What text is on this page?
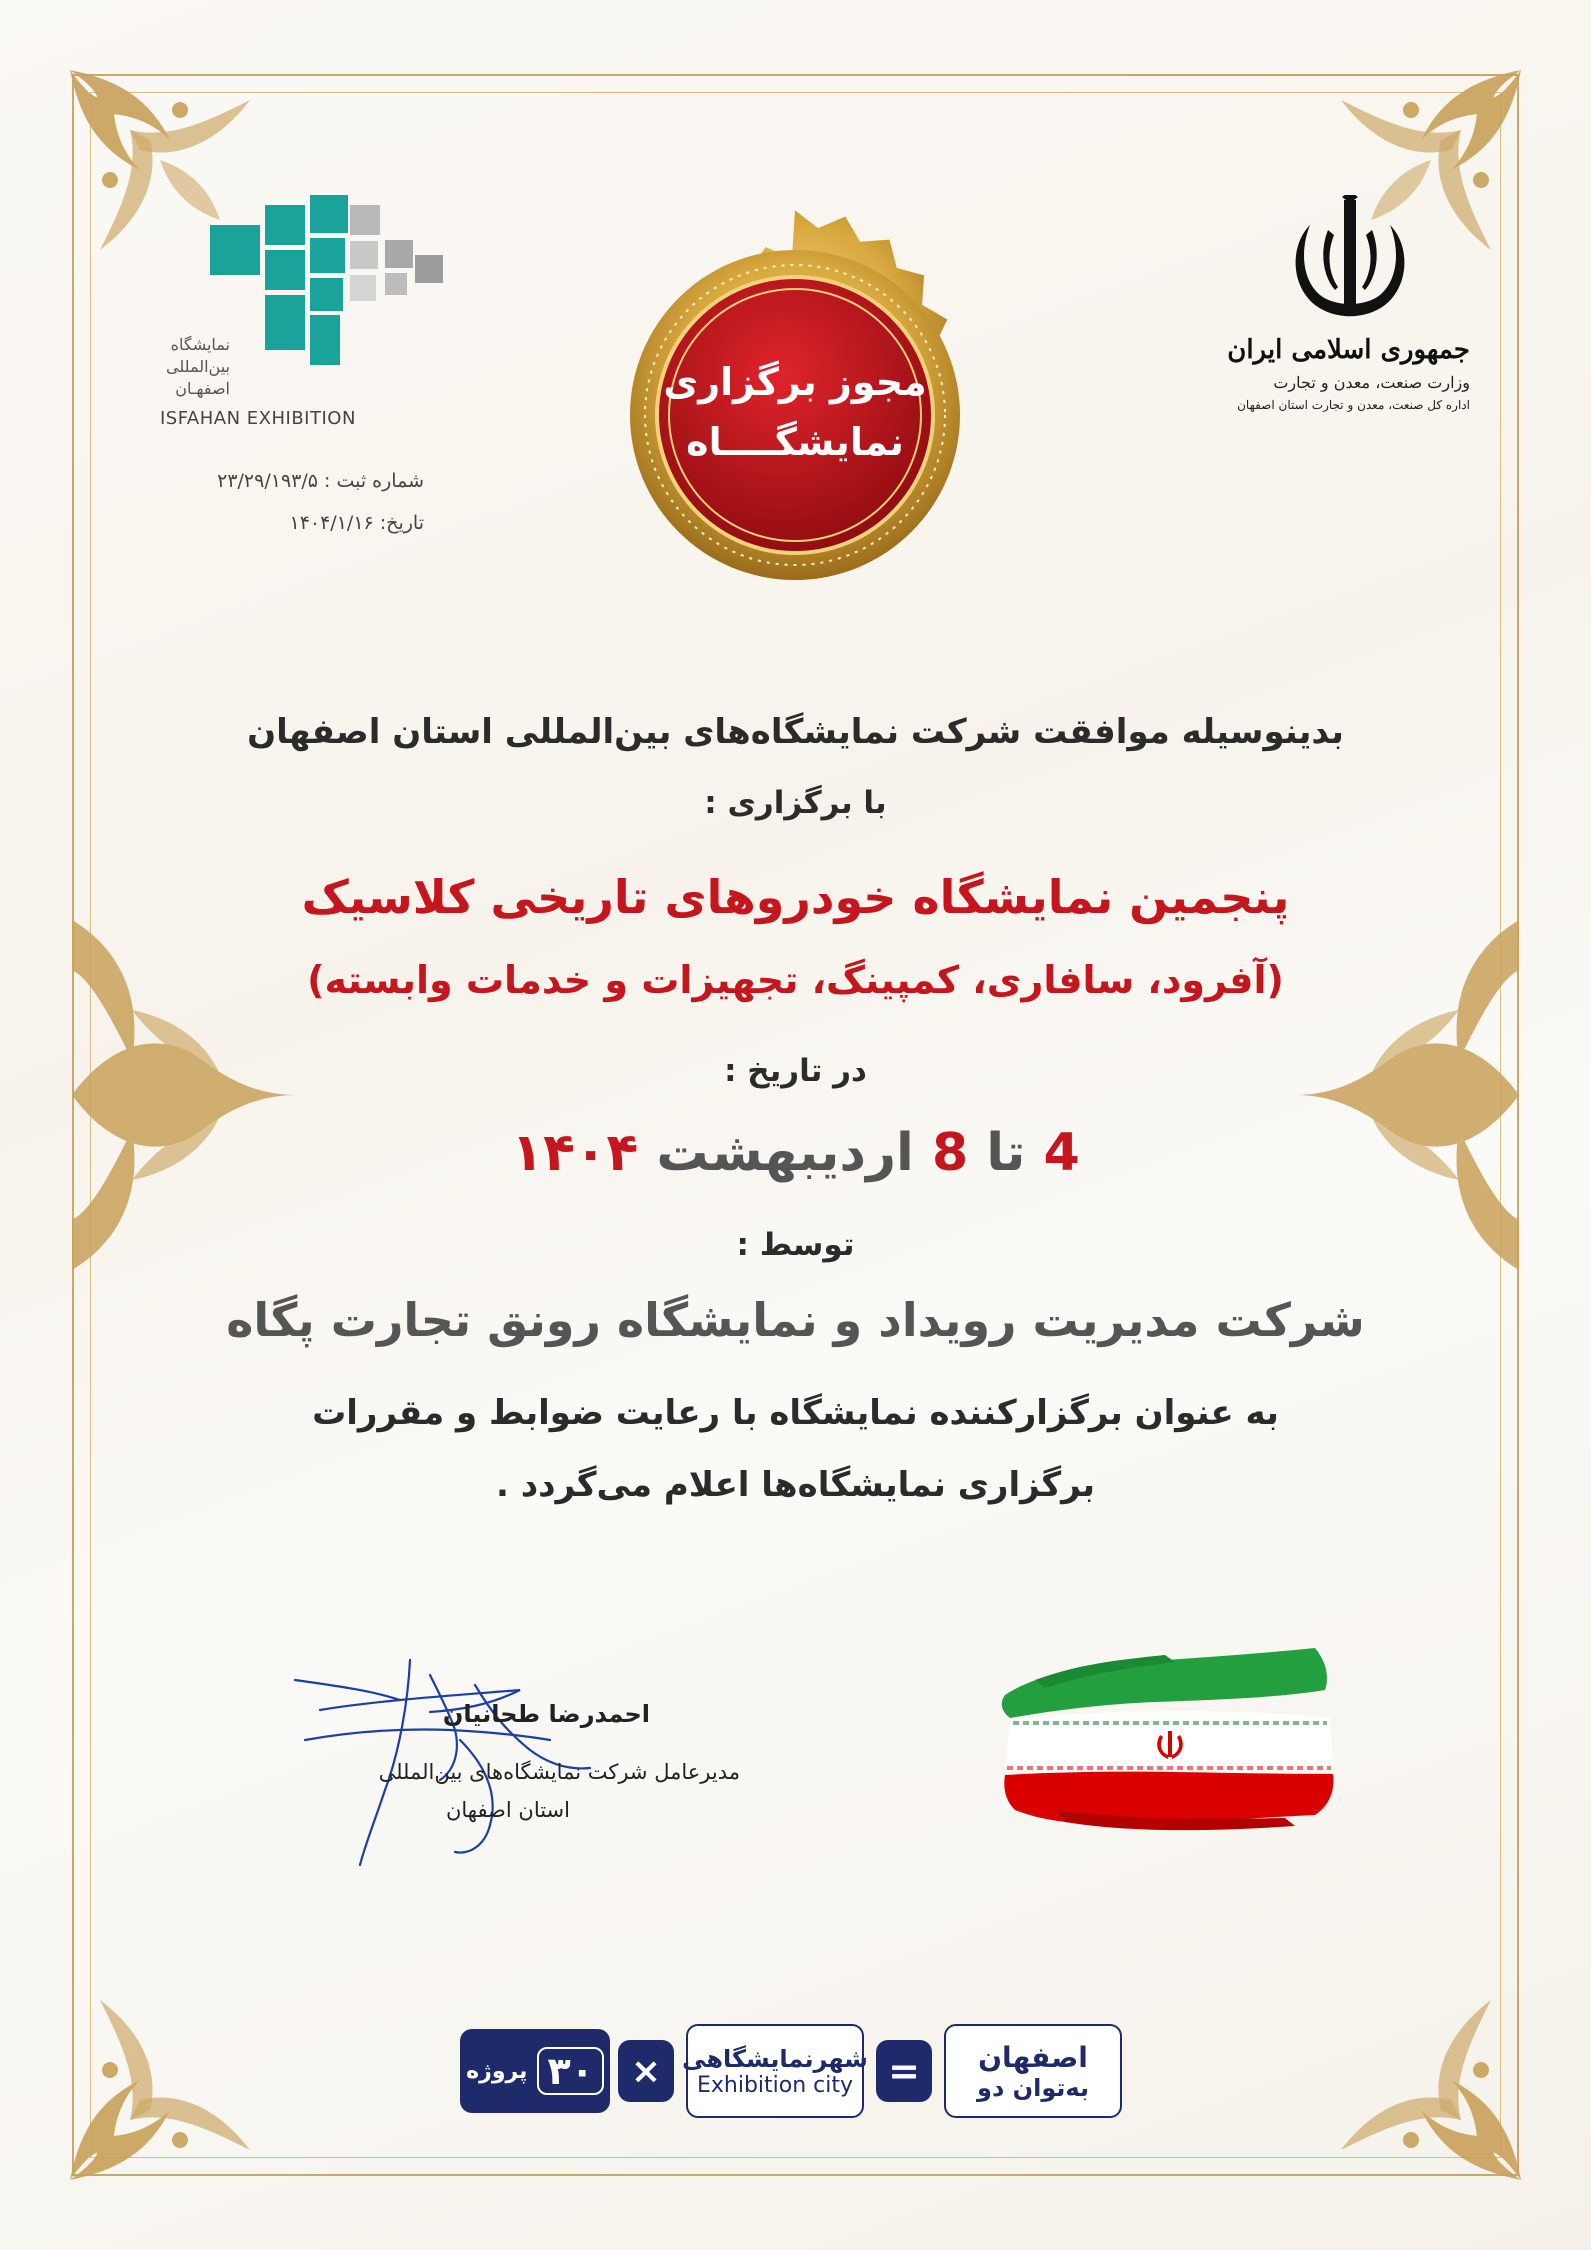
نمایشگاه
بین‌المللی
اصفهـان
ISFAHAN EXHIBITION
شماره ثبت : ۲۳/۲۹/۱۹۳/۵
تاریخ: ۱۴۰۴/۱/۱۶
مجوز برگزاری
نمایشگــــاه
جمهوری اسلامی ایران
وزارت صنعت، معدن و تجارت
اداره کل صنعت، معدن و تجارت استان اصفهان
بدینوسیله موافقت شرکت نمایشگاه‌های بین‌المللی استان اصفهان
با برگزاری :
پنجمین نمایشگاه خودروهای تاریخی کلاسیک
(آفرود، سافاری، کمپینگ، تجهیزات و خدمات وابسته)
در تاریخ :
4 تا 8 اردیبهشت ۱۴۰۴
توسط :
شرکت مدیریت رویداد و نمایشگاه رونق تجارت پگاه
به عنوان برگزارکننده نمایشگاه با رعایت ضوابط و مقررات
برگزاری نمایشگاه‌ها اعلام می‌گردد .
احمدرضا طحانیان
مدیرعامل شرکت نمایشگاه‌های بین‌المللی
استان اصفهان
۳۰
پروژه	× شهرنمایشگاهی
Exhibition city = اصفهان
به‌توان دو
